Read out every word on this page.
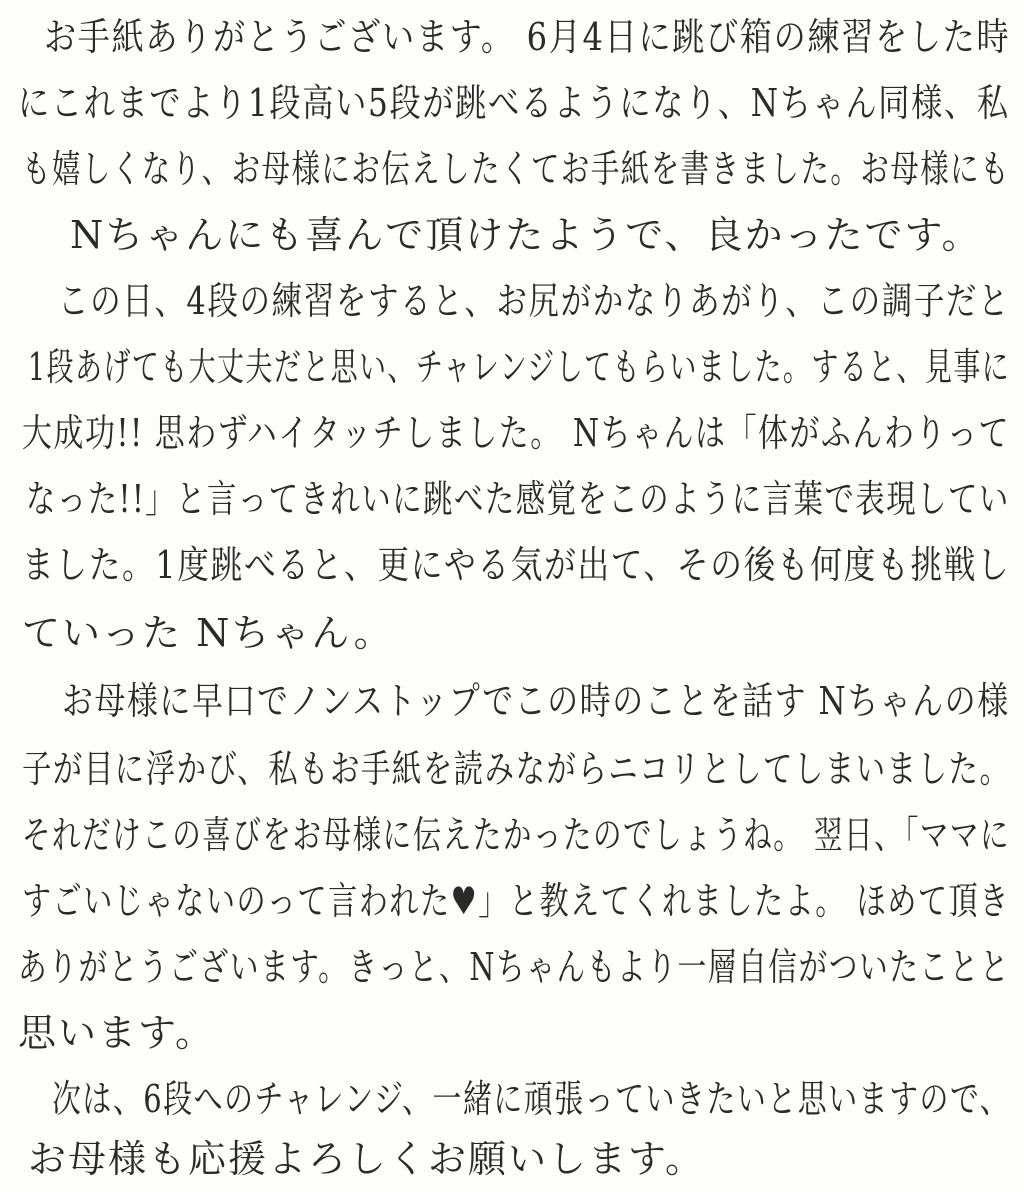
お手紙ありがとうございます。 6月4日に跳び箱の練習をした時
にこれまでより1段高い5段が跳べるようになり、Nちゃん同様、私
も嬉しくなり、お母様にお伝えしたくてお手紙を書きました。お母様にも
Nちゃんにも喜んで頂けたようで、良かったです。
この日、4段の練習をすると、お尻がかなりあがり、この調子だと
1段あげても大丈夫だと思い、チャレンジしてもらいました。すると、見事に
大成功!! 思わずハイタッチしました。 Nちゃんは「体がふんわりって
なった!!」と言ってきれいに跳べた感覚をこのように言葉で表現してい
ました。1度跳べると、更にやる気が出て、その後も何度も挑戦し
ていった Nちゃん。
お母様に早口でノンストップでこの時のことを話す Nちゃんの様
子が目に浮かび、私もお手紙を読みながらニコリとしてしまいました。
それだけこの喜びをお母様に伝えたかったのでしょうね。 翌日、「ママに
すごいじゃないのって言われた♥」と教えてくれましたよ。 ほめて頂き
ありがとうございます。きっと、Nちゃんもより一層自信がついたことと
思います。
次は、6段へのチャレンジ、一緒に頑張っていきたいと思いますので、
お母様も応援よろしくお願いします。
